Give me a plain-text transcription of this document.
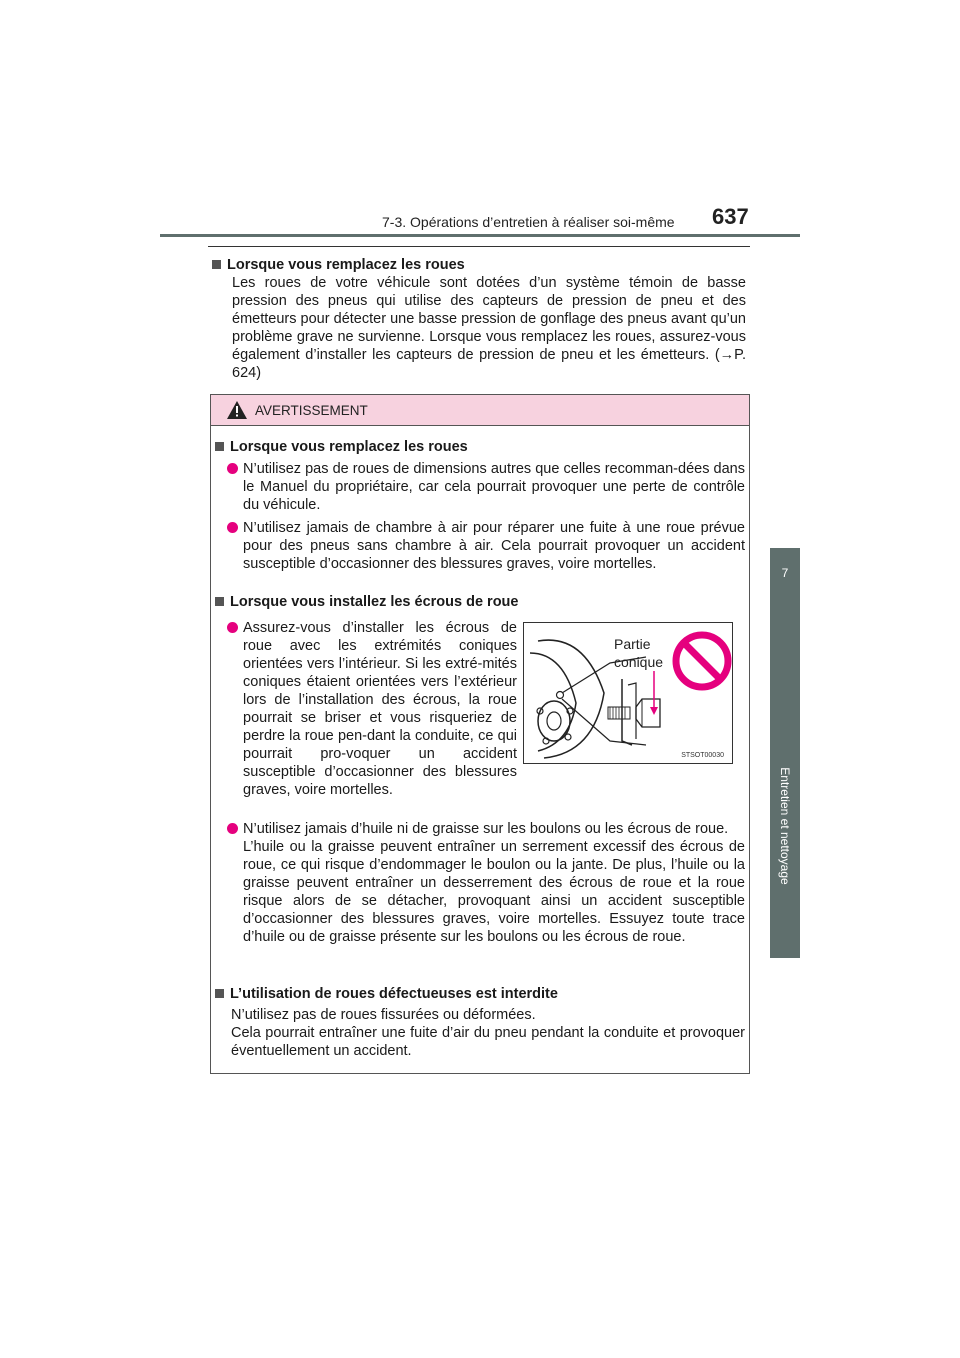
7-3. Opérations d’entretien à réaliser soi-même 637
7
Entretien et nettoyage
Lorsque vous remplacez les roues
Les roues de votre véhicule sont dotées d’un système témoin de basse pression des pneus qui utilise des capteurs de pression de pneu et des émetteurs pour détecter une basse pression de gonflage des pneus avant qu’un problème grave ne survienne. Lorsque vous remplacez les roues, assurez-vous également d’installer les capteurs de pression de pneu et les émetteurs. (→P. 624)
AVERTISSEMENT
Lorsque vous remplacez les roues
N’utilisez pas de roues de dimensions autres que celles recomman-dées dans le Manuel du propriétaire, car cela pourrait provoquer une perte de contrôle du véhicule.
N’utilisez jamais de chambre à air pour réparer une fuite à une roue prévue pour des pneus sans chambre à air. Cela pourrait provoquer un accident susceptible d’occasionner des blessures graves, voire mortelles.
Lorsque vous installez les écrous de roue
Assurez-vous d’installer les écrous de roue avec les extrémités coniques orientées vers l’intérieur. Si les extré-mités coniques étaient orientées vers l’extérieur lors de l’installation des écrous, la roue pourrait se briser et vous risqueriez de perdre la roue pen-dant la conduite, ce qui pourrait pro-voquer un accident susceptible d’occasionner des blessures graves, voire mortelles.
Partie
conique
STSOT00030
N’utilisez jamais d’huile ni de graisse sur les boulons ou les écrous de roue.
L’huile ou la graisse peuvent entraîner un serrement excessif des écrous de roue, ce qui risque d’endommager le boulon ou la jante. De plus, l’huile ou la graisse peuvent entraîner un desserrement des écrous de roue et la roue risque alors de se détacher, provoquant ainsi un accident susceptible d’occasionner des blessures graves, voire mortelles. Essuyez toute trace d’huile ou de graisse présente sur les boulons ou les écrous de roue.
L’utilisation de roues défectueuses est interdite
N’utilisez pas de roues fissurées ou déformées.
Cela pourrait entraîner une fuite d’air du pneu pendant la conduite et provoquer éventuellement un accident.
